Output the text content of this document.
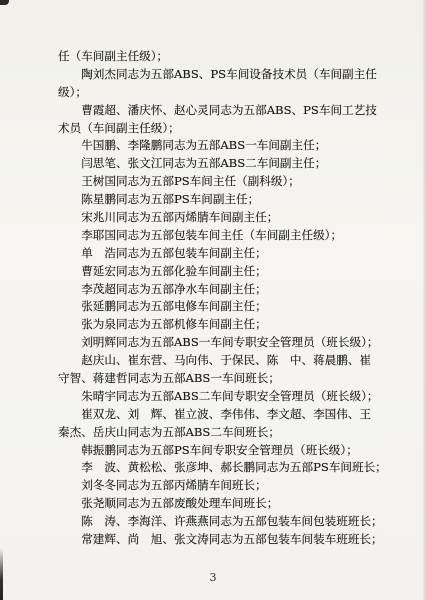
任（车间副主任级）；
陶刘杰同志为五部ABS、PS车间设备技术员（车间副主任
级）；
曹霞超、潘庆怀、赵心灵同志为五部ABS、PS车间工艺技
术员（车间副主任级）；
牛国鹏、李隆鹏同志为五部ABS一车间副主任；
闫思笔、张文江同志为五部ABS二车间副主任；
王树国同志为五部PS车间主任（副科级）；
陈星鹏同志为五部PS车间副主任；
宋兆川同志为五部丙烯腈车间副主任；
李耶国同志为五部包装车间主任（车间副主任级）；
单　浩同志为五部包装车间副主任；
曹延宏同志为五部化验车间副主任；
李茂超同志为五部净水车间副主任；
张延鹏同志为五部电修车间副主任；
张为泉同志为五部机修车间副主任；
刘明辉同志为五部ABS一车间专职安全管理员（班长级）；
赵庆山、崔东营、马向伟、于保民、陈　中、蒋晨鹏、崔
守智、蒋建哲同志为五部ABS一车间班长；
朱晴宇同志为五部ABS二车间专职安全管理员（班长级）；
崔双龙、刘　辉、崔立波、李伟伟、李文超、李国伟、王
秦杰、岳庆山同志为五部ABS二车间班长；
韩振鹏同志为五部PS车间专职安全管理员（班长级）；
李　波、黄松松、张彦坤、郝长鹏同志为五部PS车间班长；
刘冬冬同志为五部丙烯腈车间班长；
张尧顺同志为五部废酸处理车间班长；
陈　涛、李海洋、许燕燕同志为五部包装车间包装班班长；
常建辉、尚　旭、张文涛同志为五部包装车间装车班班长；
3
